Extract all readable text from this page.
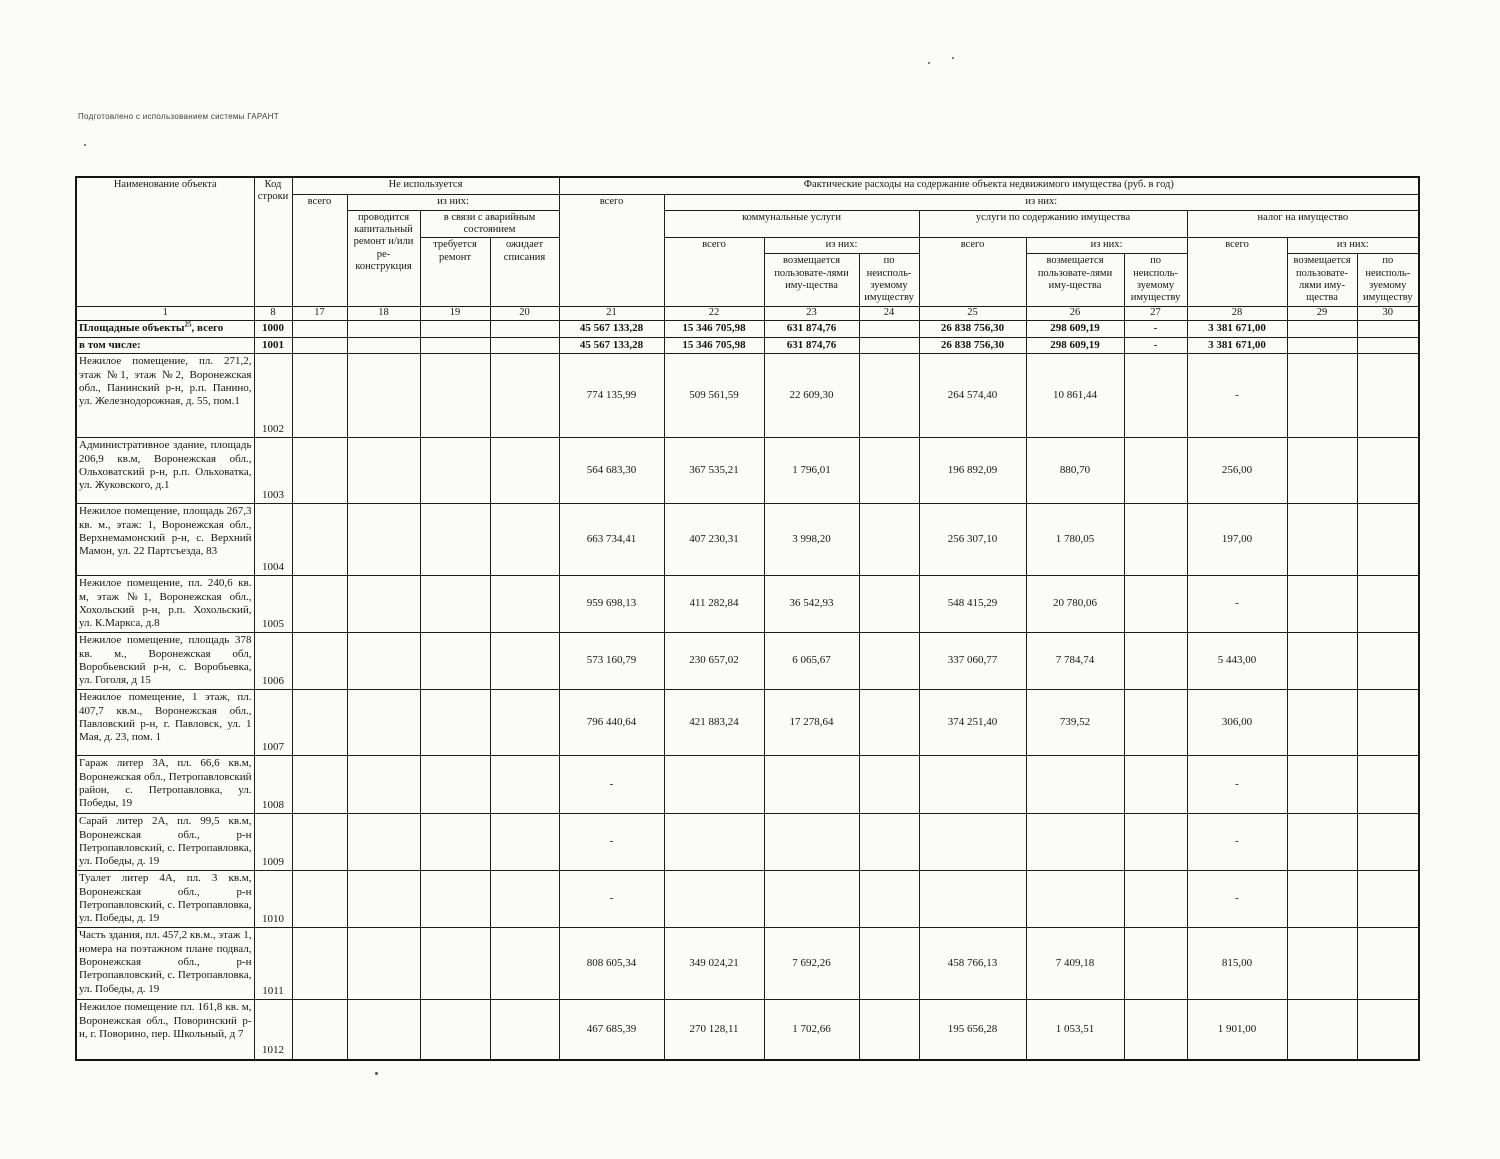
Подготовлено с использованием системы ГАРАНТ
Наименование объекта	Код строки	Не используется				Фактические расходы на содержание объекта недвижимого имущества (руб. в год)									
		всего	из них:			всего	из них:								
			проводится капитальный ремонт и/или ре-конструкция	в связи с аварийным состоянием			коммунальные услуги			услуги по содержанию имущества			налог на имущество		
				требуется ремонт	ожидает списания		всего	из них:		всего	из них:		всего	из них:	
								возмещается пользовате-лями иму-щества	по неисполь-зуемому имуществу		возмещается пользовате-лями иму-щества	по неисполь-зуемому имуществу		возмещается пользовате-лями иму-щества	по неисполь-зуемому имуществу
1	8	17	18	19	20	21	22	23	24	25	26	27	28	29	30
Площадные объекты$^{25}$, всего	1000					45 567 133,28	15 346 705,98	631 874,76		26 838 756,30	298 609,19	-	3 381 671,00		
в том числе:	1001					45 567 133,28	15 346 705,98	631 874,76		26 838 756,30	298 609,19	-	3 381 671,00		
Нежилое помещение, пл. 271,2, этаж №1, этаж №2, Воронежская обл., Панинский р-н, р.п. Панино, ул. Железнодорожная, д. 55, пом.1	1002					774 135,99	509 561,59	22 609,30		264 574,40	10 861,44		-		
Административное здание, площадь 206,9 кв.м, Воронежская обл., Ольховатский р-н, р.п. Ольховатка, ул. Жуковского, д.1	1003					564 683,30	367 535,21	1 796,01		196 892,09	880,70		256,00		
Нежилое помещение, площадь 267,3 кв. м., этаж: 1, Воронежская обл., Верхнемамонский р-н, с. Верхний Мамон, ул. 22 Партсъезда, 83	1004					663 734,41	407 230,31	3 998,20		256 307,10	1 780,05		197,00		
Нежилое помещение, пл. 240,6 кв. м, этаж №1, Воронежская обл., Хохольский р-н, р.п. Хохольский, ул. К.Маркса, д.8	1005					959 698,13	411 282,84	36 542,93		548 415,29	20 780,06		-		
Нежилое помещение, площадь 378 кв. м., Воронежская обл, Воробьевский р-н, с. Воробьевка, ул. Гоголя, д 15	1006					573 160,79	230 657,02	6 065,67		337 060,77	7 784,74		5 443,00		
Нежилое помещение, 1 этаж, пл. 407,7 кв.м., Воронежская обл., Павловский р-н, г. Павловск, ул. 1 Мая, д. 23, пом. 1	1007					796 440,64	421 883,24	17 278,64		374 251,40	739,52		306,00		
Гараж литер 3А, пл. 66,6 кв.м, Воронежская обл., Петропавловский район, с. Петропавловка, ул. Победы, 19	1008					-							-		
Сарай литер 2А, пл. 99,5 кв.м, Воронежская обл., р-н Петропавловский, с. Петропавловка, ул. Победы, д. 19	1009					-							-		
Туалет литер 4А, пл. 3 кв.м, Воронежская обл., р-н Петропавловский, с. Петропавловка, ул. Победы, д. 19	1010					-							-		
Часть здания, пл. 457,2 кв.м., этаж 1, номера на поэтажном плане подвал, Воронежская обл., р-н Петропавловский, с. Петропавловка, ул. Победы, д. 19	1011					808 605,34	349 024,21	7 692,26		458 766,13	7 409,18		815,00		
Нежилое помещение пл. 161,8 кв. м, Воронежская обл., Поворинский р-н, г. Поворино, пер. Школьный, д 7	1012					467 685,39	270 128,11	1 702,66		195 656,28	1 053,51		1 901,00		
